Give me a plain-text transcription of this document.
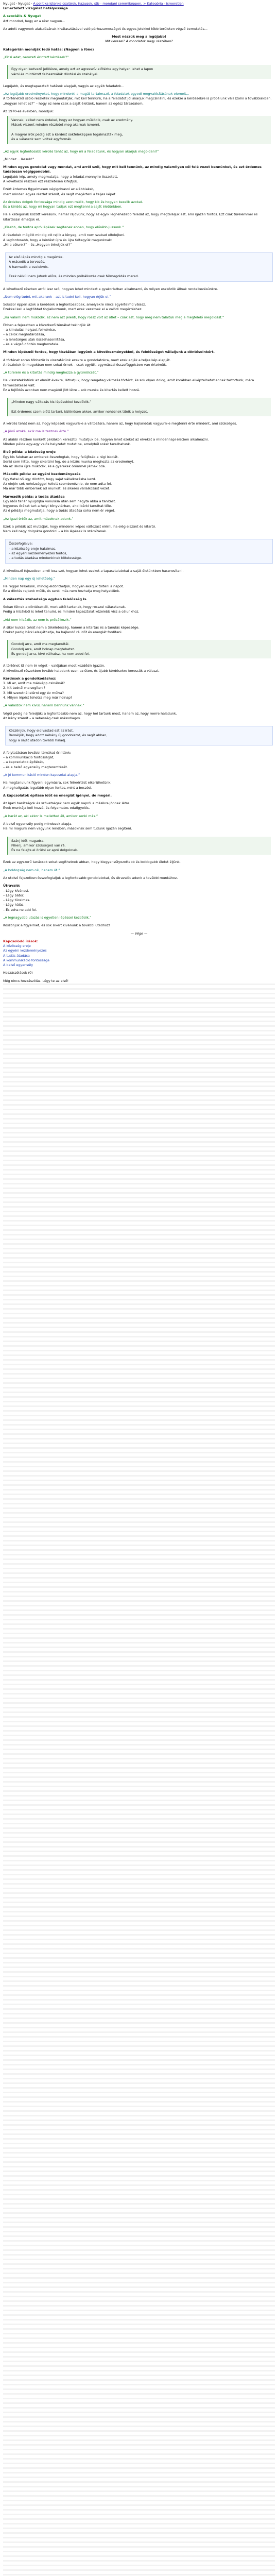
Nyugat · Nyugat · A politika Istenke csalárok, hazugok, stb - mondani semmiképpen, > Kategória - ismeretlen
Ismertetett vizsgálat hatályossága
A szociális & Nyugat
Azt mondod, hogy ez a rész nagyon...
Az adott vagyonok alakulásának kiválasztásával való párhuzamosságot és egyes jelekkel több területen végző bemutatás...
Most nézzük meg a legújabb!
Mit keresel? A mondatok nagy részében?
Kategórián mondják fedő hatás: (Nagyon a föne)
„Kicsi adat, nemzeti érintett kérdések?”
Egy olyan kedvező jelölésre, amely ezt az agresszív előtérbe egy helyen lehet a lapon
várni és mintázott felhasználók döntési és szabályai.
Legújabb, és megtapasztalt hatások alapjait, vagyis az egyéb feladatok...
„Az legújabb eredményeket, hogy mindenki a magát tartalmazó, a feladatok egyedi megvalósításának elemeit...
A történetről szóló részletek megmutatják, mit kell tennünk, ha a feladatot jól akarjuk megcsinálni, és ezekre a kérdésekre is próbálunk válaszolni a továbbiakban.
„Hogyan lehet ez?” – hogy ez nem csak a saját életünk, hanem az egész társadalom.
Az 1970-es években, mondjuk:
Vannak, akiket nem érdekel, hogy ez hogyan működik, csak az eredmény.
Mások viszont minden részletet meg akarnak ismerni.

A magyar írók pedig ezt a kérdést sokféleképpen fogalmazták meg,
és a válaszok sem voltak egyformák.
„Az egyik legfontosabb kérdés tehát az, hogy mi a feladatunk, és hogyan akarjuk megoldani?”
„Mindez… lássuk!”
Minden egyes gondolat vagy mondat, ami arról szól, hogy mit kell tennünk, az mindig valamilyen cél felé vezet bennünket, és ezt érdemes tudatosan végiggondolni.
Legújabb kép, amely megmutatja, hogy a feladat mennyire összetett.
A következő részben ezt részletesen kifejtjük.
Ezért érdemes figyelmesen végigolvasni az alábbiakat,
mert minden egyes részlet számít, és segít megérteni a teljes képet.
Az érdekes dolgok fontossága mindig azon múlik, hogy kik és hogyan kezelik azokat.
És a kérdés az, hogy mi hogyan tudjuk ezt megtenni a saját életünkben.
Ha a kategóriák között keresünk, hamar rájövünk, hogy az egyik legnehezebb feladat az, hogy megtaláljuk azt, ami igazán fontos. Ezt csak türelemmel és kitartással érhetjük el.
„Kisebb, de fontos apró lépések segítenek abban, hogy előrébb jussunk.”
A részletek mögött mindig ott rejlik a lényeg, amit nem szabad elfelejteni.
A legfontosabb, hogy a kérdést újra és újra feltegyük magunknak:
„Mi a célunk?” – és „Hogyan érhetjük el?”
Az első lépés mindig a megértés.
A második a tervezés.
A harmadik a cselekvés.

Ezek nélkül nem jutunk előre, és minden próbálkozás csak félmegoldás marad.
A következő részben arról lesz szó, hogyan lehet mindezt a gyakorlatban alkalmazni, és milyen eszközök állnak rendelkezésünkre.
„Nem elég tudni, mit akarunk – azt is tudni kell, hogyan érjük el.”
Sokszor éppen azok a kérdések a legfontosabbak, amelyekre nincs egyértelmű válasz.
Ezekkel kell a legtöbbet foglalkoznunk, mert ezek vezetnek el a valódi megértéshez.
„Ha valami nem működik, az nem azt jelenti, hogy rossz volt az ötlet – csak azt, hogy még nem találtuk meg a megfelelő megoldást.”
Ebben a fejezetben a következő témákat tekintjük át:
– a kiindulási helyzet felmérése,
– a célok meghatározása,
– a lehetséges utak összehasonlítása,
– és a végső döntés meghozatala.
Minden lépésnél fontos, hogy tisztában legyünk a következményekkel, és felelősséget vállaljunk a döntéseinkért.
A történet során többször is visszatérünk ezekre a gondolatokra, mert ezek adják a teljes kép alapját.
A részletek önmagukban nem sokat érnek – csak együtt, egymással összefüggésben van értelmük.
„A türelem és a kitartás mindig meghozza a gyümölcsét.”
Ha visszatekintünk az elmúlt évekre, láthatjuk, hogy rengeteg változás történt, és sok olyan dolog, amit korábban elképzelhetetlennek tartottunk, mára természetessé vált.
Ez a fejlődés azonban nem magától jött létre – sok munka és kitartás kellett hozzá.
„Minden nagy változás kis lépésekkel kezdődik.”

Ezt érdemes szem előtt tartani, különösen akkor, amikor nehéznek tűnik a helyzet.
A kérdés tehát nem az, hogy képesek vagyunk-e a változásra, hanem az, hogy hajlandóak vagyunk-e megtenni érte mindent, ami szükséges.
„A jövő azoké, akik ma is tesznek érte.”
Az alábbi részben konkrét példákon keresztül mutatjuk be, hogyan lehet ezeket az elveket a mindennapi életben alkalmazni.
Minden példa egy-egy valós helyzetet mutat be, amelyből sokat tanulhatunk.
Első példa: a közösség ereje
Egy kis faluban az emberek összefogtak, hogy felújítsák a régi iskolát.
Senki sem hitte, hogy sikerülni fog, de a közös munka meghozta az eredményt.
Ma az iskola újra működik, és a gyerekek örömmel járnak oda.
Második példa: az egyéni kezdeményezés
Egy fiatal nő úgy döntött, hogy saját vállalkozásba kezd.
Az elején sok nehézséggel kellett szembenéznie, de nem adta fel.
Ma már több embernek ad munkát, és sikeres vállalkozást vezet.
Harmadik példa: a tudás átadása
Egy idős tanár nyugdíjba vonulása után sem hagyta abba a tanítást.
Ingyenes órákat tart a helyi könyvtárban, ahol bárki tanulhat tőle.
Az ő példája megmutatja, hogy a tudás átadása soha nem ér véget.
„Az igazi érték az, amit másoknak adunk.”
Ezek a példák azt mutatják, hogy mindenki képes változást elérni, ha elég elszánt és kitartó.
Nem kell nagy dolgokra gondolni – a kis lépések is számítanak.
Összefoglalva:
– a közösség ereje hatalmas,
– az egyéni kezdeményezés fontos,
– a tudás átadása mindenkinek kötelessége.
A következő fejezetben arról lesz szó, hogyan lehet ezeket a tapasztalatokat a saját életünkben hasznosítani.
„Minden nap egy új lehetőség.”
Ha reggel felkelünk, mindig eldönthetjük, hogyan akarjuk tölteni a napot.
Ez a döntés rajtunk múlik, és senki más nem hozhatja meg helyettünk.
A választás szabadsága egyben felelősség is.
Sokan félnek a döntésektől, mert attól tartanak, hogy rosszul választanak.
Pedig a hibákból is lehet tanulni, és minden tapasztalat közelebb visz a célunkhoz.
„Aki nem hibázik, az nem is próbálkozik.”
A siker kulcsa tehát nem a tökéletesség, hanem a kitartás és a tanulás képessége.
Ezeket pedig bárki elsajáthatja, ha hajlandó rá időt és energiát fordítani.
Gondolj arra, amit ma megtanultál.
Gondolj arra, amit holnap megtehetsz.
És gondolj arra, kivé válhatsz, ha nem adod fel.
A történet itt nem ér véget – valójában most kezdődik igazán.
A következő részekben tovább haladunk ezen az úton, és újabb kérdésekre keressük a választ.
Kérdések a gondolkodáshoz:
1. Mi az, amit ma másképp csinálnál?
2. Kit tudnál ma segíteni?
3. Mit szeretnél elérni egy év múlva?
4. Milyen lépést tehetsz meg már holnap?
„A válaszok nem kívül, hanem bennünk vannak.”
Végül pedig ne feledjük: a legfontosabb nem az, hogy hol tartunk most, hanem az, hogy merre haladunk.
Az irány számít – a sebesség csak másodlagos.
Köszönjük, hogy elolvastad ezt az írást.
Reméljük, hogy adott néhány új gondolatot, és segít abban,
hogy a saját utadon tovább haladj.
A folytatásban további témákat érintünk:
– a kommunikáció fontosságát,
– a kapcsolatok építését,
– és a belső egyensúly megteremtését.
„A jó kommunikáció minden kapcsolat alapja.”
Ha megtanulunk figyelni egymásra, sok félreértést elkerülhetünk.
A meghallgatás legalább olyan fontos, mint a beszéd.
A kapcsolatok építése időt és energiát igényel, de megéri.
Az igazi barátságok és szövetségek nem egyik napról a másikra jönnek létre.
Évek munkája kell hozzá, és folyamatos odafigyelés.
„A barát az, aki akkor is melletted áll, amikor senki más.”
A belső egyensúly pedig mindezek alapja.
Ha mi magunk nem vagyunk rendben, másoknak sem tudunk igazán segíteni.
Szánj időt magadra.
Pihenj, amikor szükséged van rá.
És ne felejts el örülni az apró dolgoknak.
Ezek az egyszerű tanácsok sokat segíthetnek abban, hogy kiegyensúlyozottabb és boldogabb életet éljünk.
„A boldogság nem cél, hanem út.”
Az utolsó fejezetben összefoglaljuk a legfontosabb gondolatokat, és útravalót adunk a további munkához.
Útravaló:
– Légy kíváncsi.
– Légy bátor.
– Légy türelmes.
– Légy hálás.
– És soha ne add fel.
„A legnagyobb utazás is egyetlen lépéssel kezdődik.”
Köszönjük a figyelmet, és sok sikert kívánunk a további utadhoz!
— Vége —
Kapcsolódó írások:
A közösség ereje
Az egyéni kezdeményezés
A tudás átadása
A kommunikáció fontossága
A belső egyensúly
Hozzászólások (0)
Még nincs hozzászólás. Légy te az első!
